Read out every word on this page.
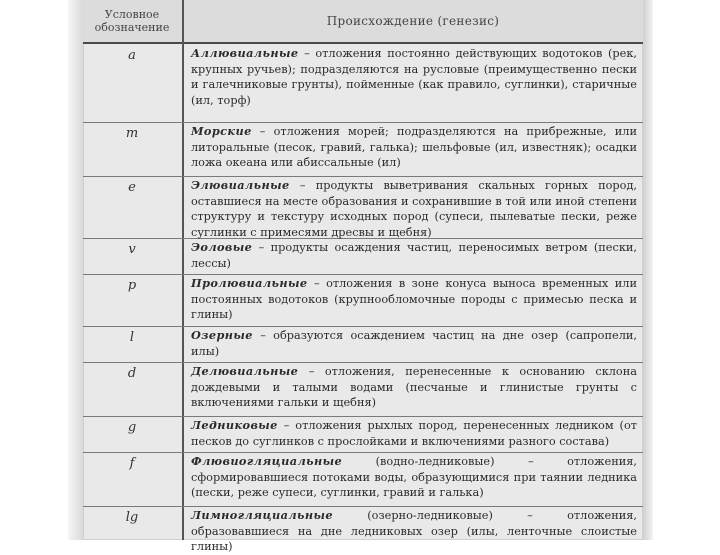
Условное
обозначение	Происхождение (генезис)
a	Аллювиальные – отложения постоянно действующих водотоков (рек, крупных ручьев); подразделяются на русловые (преимущественно пески и галечниковые грунты), пойменные (как правило, суглинки), старичные (ил, торф)
m	Морские – отложения морей; подразделяются на прибрежные, или литоральные (песок, гравий, галька); шельфовые (ил, известняк); осадки ложа океана или абиссальные (ил)
e	Элювиальные – продукты выветривания скальных горных пород, оставшиеся на месте образования и сохранившие в той или иной степени структуру и текстуру исходных пород (супеси, пылеватые пески, реже суглинки с примесями дресвы и щебня)
v	Эоловые – продукты осаждения частиц, переносимых ветром (пески, лессы)
p	Пролювиальные – отложения в зоне конуса выноса временных или постоянных водотоков (крупнообломочные породы с примесью песка и глины)
l	Озерные – образуются осаждением частиц на дне озер (сапропели, илы)
d	Делювиальные – отложения, перенесенные к основанию склона дождевыми и талыми водами (песчаные и глинистые грунты с включениями гальки и щебня)
g	Ледниковые – отложения рыхлых пород, перенесенных ледником (от песков до суглинков с прослойками и включениями разного состава)
f	Флювиогляциальные (водно-ледниковые) – отложения, сформировавшиеся потоками воды, образующимися при таянии ледника (пески, реже супеси, суглинки, гравий и галька)
lg	Лимногляциальные (озерно-ледниковые) – отложения, образовавшиеся на дне ледниковых озер (илы, ленточные слоистые глины)
